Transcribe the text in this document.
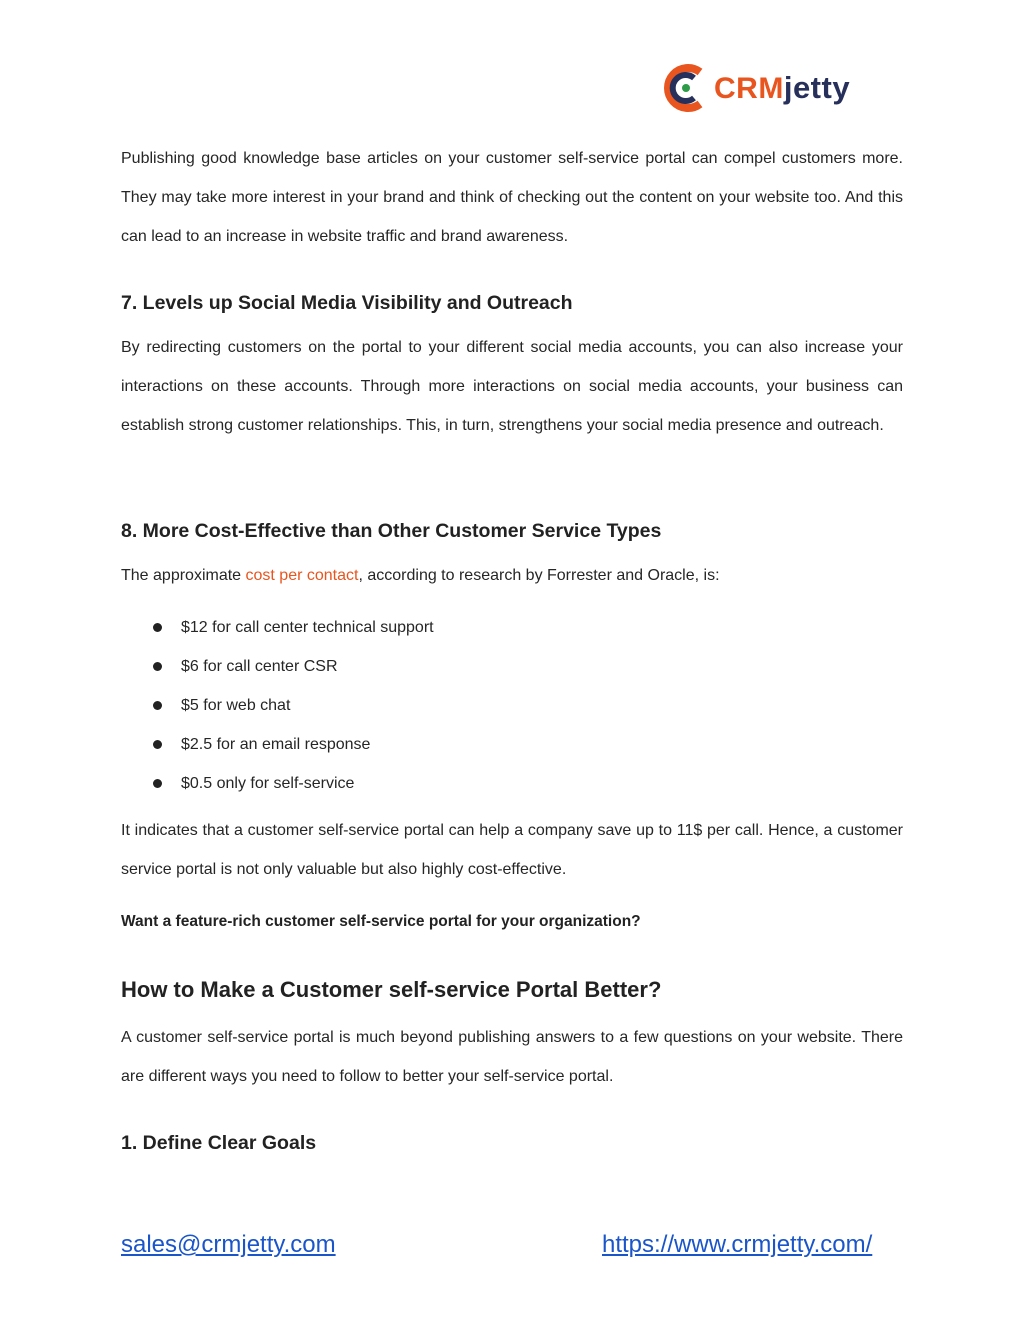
CRMjetty

Publishing good knowledge base articles on your customer self-service portal can compel customers more. They may take more interest in your brand and think of checking out the content on your website too. And this can lead to an increase in website traffic and brand awareness.

7. Levels up Social Media Visibility and Outreach

By redirecting customers on the portal to your different social media accounts, you can also increase your interactions on these accounts. Through more interactions on social media accounts, your business can establish strong customer relationships. This, in turn, strengthens your social media presence and outreach.

8. More Cost-Effective than Other Customer Service Types

The approximate cost per contact, according to research by Forrester and Oracle, is:

$12 for call center technical support
$6 for call center CSR
$5 for web chat
$2.5 for an email response
$0.5 only for self-service

It indicates that a customer self-service portal can help a company save up to 11$ per call. Hence, a customer service portal is not only valuable but also highly cost-effective.

Want a feature-rich customer self-service portal for your organization?

How to Make a Customer self-service Portal Better?

A customer self-service portal is much beyond publishing answers to a few questions on your website. There are different ways you need to follow to better your self-service portal.

1. Define Clear Goals
sales@crmjetty.com	https://www.crmjetty.com/
